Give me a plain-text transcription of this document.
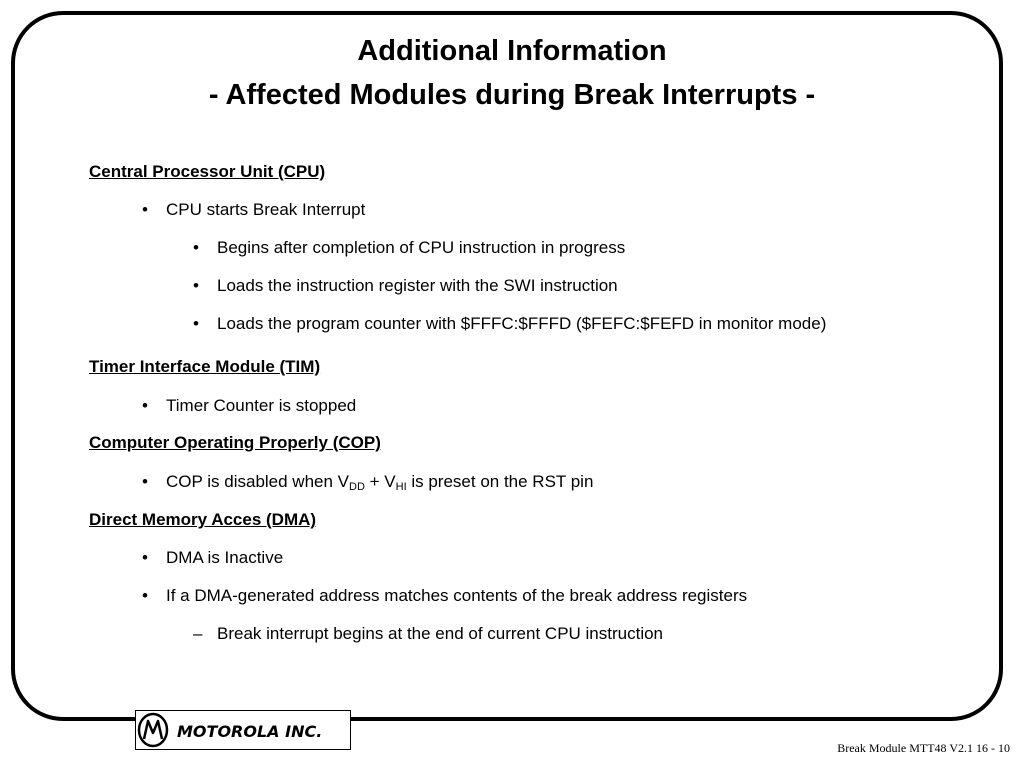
Additional Information
- Affected Modules during Break Interrupts -
Central Processor Unit (CPU)
• CPU starts Break Interrupt
• Begins after completion of CPU instruction in progress
• Loads the instruction register with the SWI instruction
• Loads the program counter with $FFFC:$FFFD ($FEFC:$FEFD in monitor mode)
Timer Interface Module (TIM)
• Timer Counter is stopped
Computer Operating Properly (COP)
• COP is disabled when $V_{DD} + V_{HI}$ is preset on the RST pin
Direct Memory Acces (DMA)
• DMA is Inactive
• If a DMA-generated address matches contents of the break address registers
– Break interrupt begins at the end of current CPU instruction
MOTOROLA INC.
Break Module MTT48 V2.1 16 - 10
